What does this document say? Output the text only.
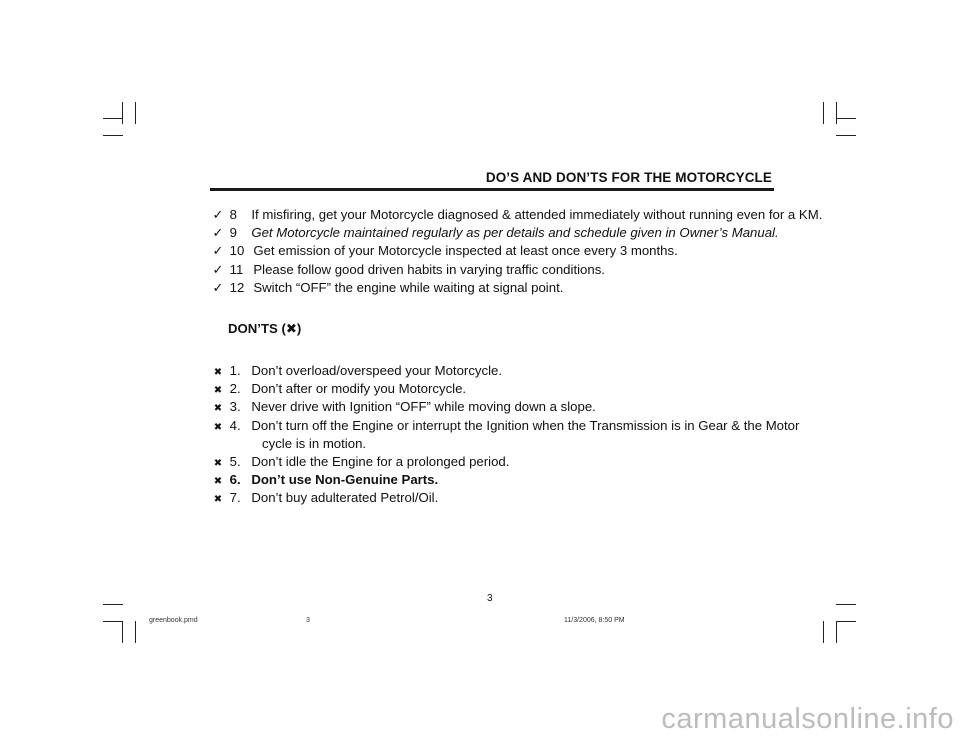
DO’S AND DON’TS FOR THE MOTORCYCLE
✓ 8 If misfiring, get your Motorcycle diagnosed & attended immediately without running even for a KM.
✓ 9 Get Motorcycle maintained regularly as per details and schedule given in Owner’s Manual.
✓ 10 Get emission of your Motorcycle inspected at least once every 3 months.
✓ 11 Please follow good driven habits in varying traffic conditions.
✓ 12 Switch “OFF” the engine while waiting at signal point.
DON’TS (✖)
✖ 1. Don’t overload/overspeed your Motorcycle.
✖ 2. Don’t after or modify you Motorcycle.
✖ 3. Never drive with Ignition “OFF” while moving down a slope.
✖ 4. Don’t turn off the Engine or interrupt the Ignition when the Transmission is in Gear & the Motor
cycle is in motion.
✖ 5. Don’t idle the Engine for a prolonged period.
✖ 6. Don’t use Non-Genuine Parts.
✖ 7. Don’t buy adulterated Petrol/Oil.
3
greenbook.pmd	3	11/3/2006, 8:50 PM
carmanualsonline.info
